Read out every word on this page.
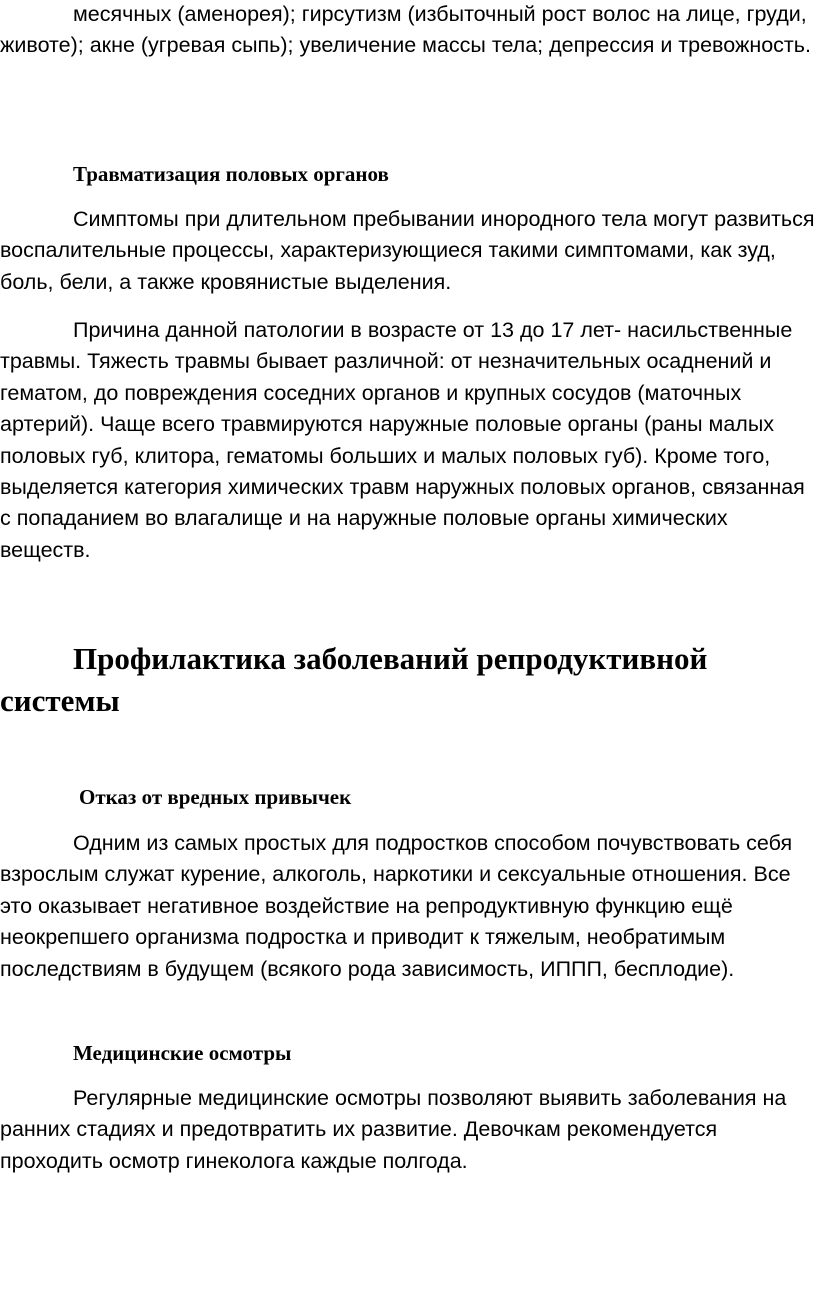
месячных (аменорея); гирсутизм (избыточный рост волос на лице, груди, животе); акне (угревая сыпь); увеличение массы тела; депрессия и тревожность.

Травматизация половых органов

Симптомы при длительном пребывании инородного тела могут развиться воспалительные процессы, характеризующиеся такими симптомами, как зуд, боль, бели, а также кровянистые выделения.

Причина данной патологии в возрасте от 13 до 17 лет- насильственные травмы. Тяжесть травмы бывает различной: от незначительных осаднений и гематом, до повреждения соседних органов и крупных сосудов (маточных артерий). Чаще всего травмируются наружные половые органы (раны малых половых губ, клитора, гематомы больших и малых половых губ). Кроме того, выделяется категория химических травм наружных половых органов, связанная с попаданием во влагалище и на наружные половые органы химических веществ.

Профилактика заболеваний репродуктивной системы
Отказ от вредных привычек

Одним из самых простых для подростков способом почувствовать себя взрослым служат курение, алкоголь, наркотики и сексуальные отношения. Все это оказывает негативное воздействие на репродуктивную функцию ещё неокрепшего организма подростка и приводит к тяжелым, необратимым последствиям в будущем (всякого рода зависимость, ИППП, бесплодие).

Медицинские осмотры

Регулярные медицинские осмотры позволяют выявить заболевания на ранних стадиях и предотвратить их развитие. Девочкам рекомендуется проходить осмотр гинеколога каждые полгода.
